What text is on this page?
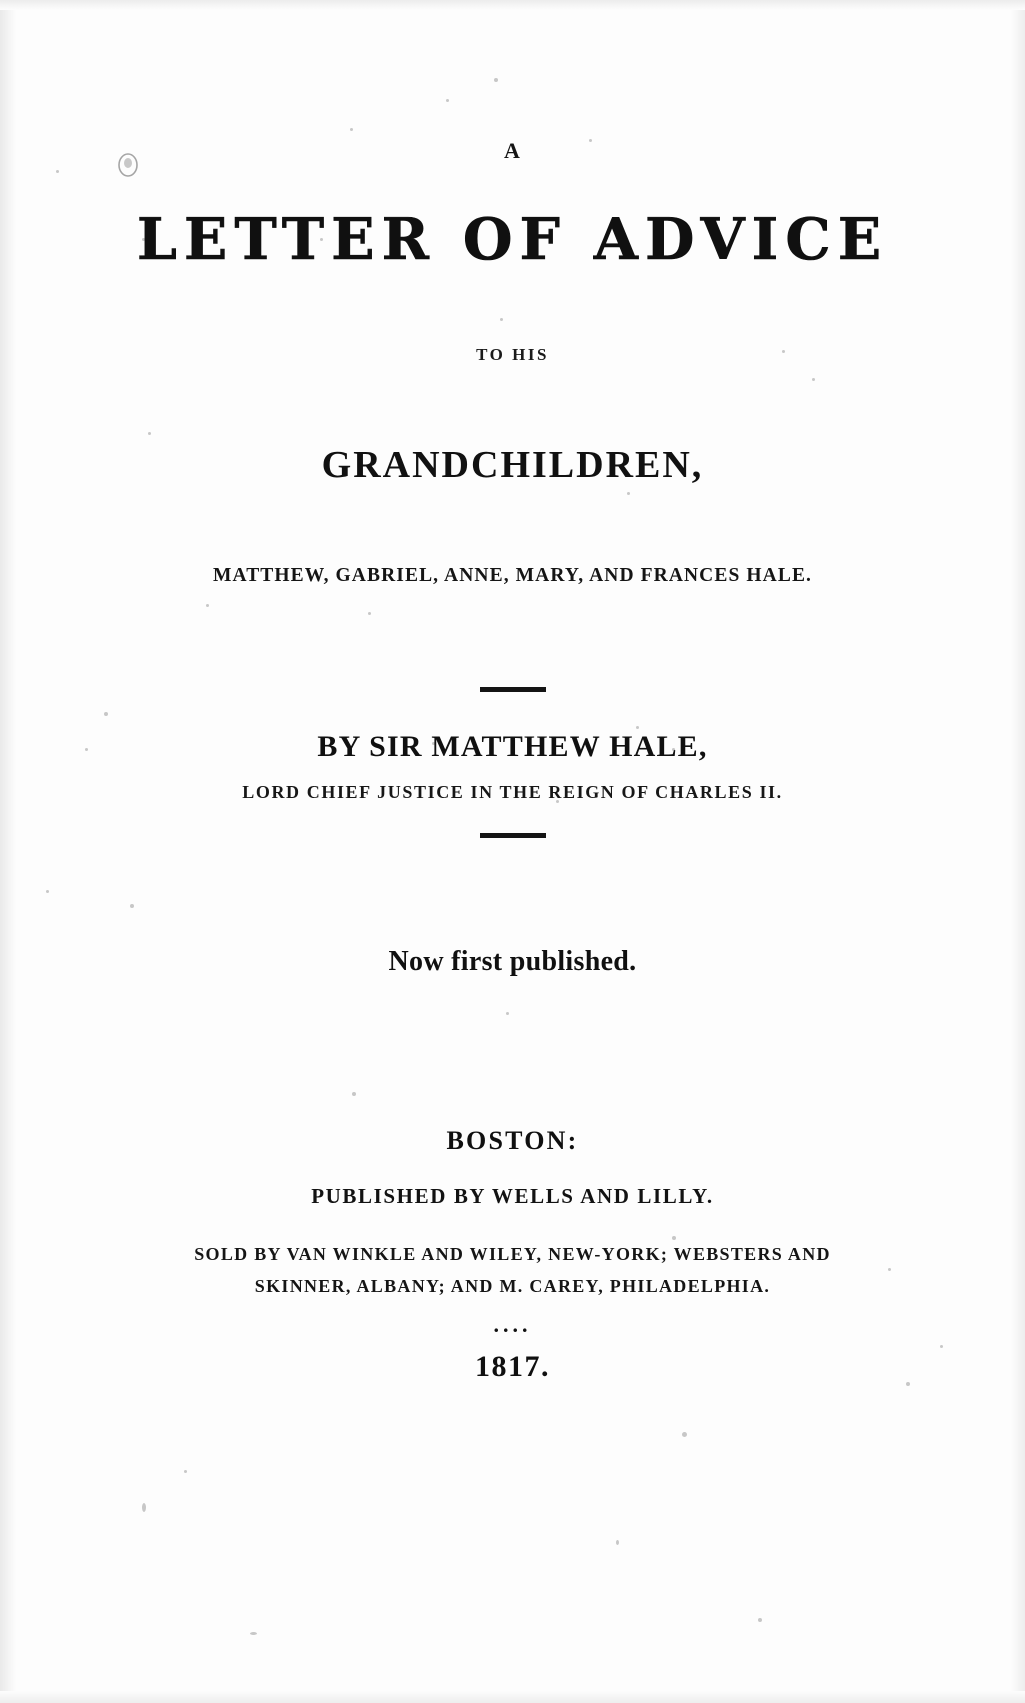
A

LETTER OF ADVICE

TO HIS

GRANDCHILDREN,

MATTHEW, GABRIEL, ANNE, MARY, AND FRANCES HALE.

BY SIR MATTHEW HALE,

LORD CHIEF JUSTICE IN THE REIGN OF CHARLES II.

Now first published.

BOSTON:

PUBLISHED BY WELLS AND LILLY.

SOLD BY VAN WINKLE AND WILEY, NEW-YORK; WEBSTERS AND
SKINNER, ALBANY; AND M. CAREY, PHILADELPHIA.

....

1817.
